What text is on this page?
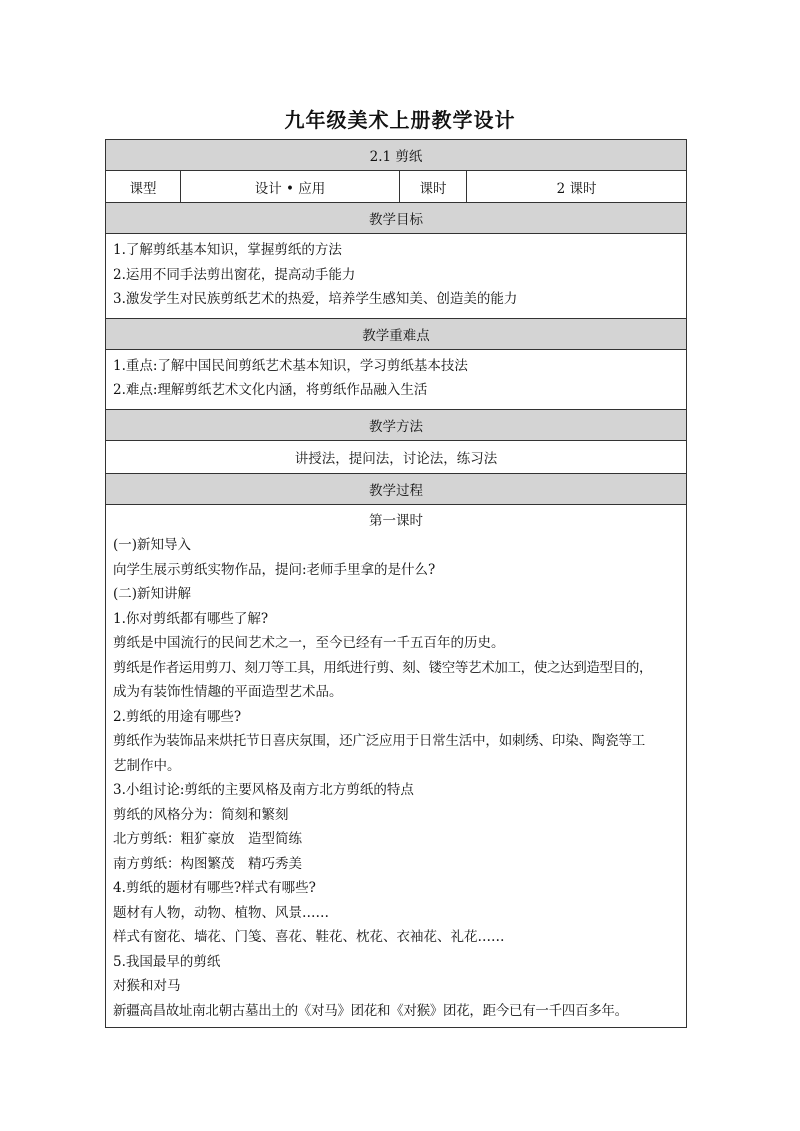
九年级美术上册教学设计
2.1 剪纸
课型	设计 • 应用	课时	2 课时
教学目标

1.了解剪纸基本知识，掌握剪纸的方法
2.运用不同手法剪出窗花，提高动手能力
3.激发学生对民族剪纸艺术的热爱，培养学生感知美、创造美的能力

教学重难点

1.重点:了解中国民间剪纸艺术基本知识，学习剪纸基本技法
2.难点:理解剪纸艺术文化内涵，将剪纸作品融入生活

教学方法
讲授法，提问法，讨论法，练习法
教学过程

第一课时
(一)新知导入
向学生展示剪纸实物作品，提问:老师手里拿的是什么?
(二)新知讲解
1.你对剪纸都有哪些了解?
剪纸是中国流行的民间艺术之一，至今已经有一千五百年的历史。
剪纸是作者运用剪刀、刻刀等工具，用纸进行剪、刻、镂空等艺术加工，使之达到造型目的，
成为有装饰性情趣的平面造型艺术品。
2.剪纸的用途有哪些?
剪纸作为装饰品来烘托节日喜庆氛围，还广泛应用于日常生活中，如刺绣、印染、陶瓷等工
艺制作中。
3.小组讨论:剪纸的主要风格及南方北方剪纸的特点
剪纸的风格分为：简刻和繁刻
北方剪纸：粗犷豪放　造型简练
南方剪纸：构图繁茂　精巧秀美
4.剪纸的题材有哪些?样式有哪些?
题材有人物，动物、植物、风景……
样式有窗花、墙花、门笺、喜花、鞋花、枕花、衣袖花、礼花……
5.我国最早的剪纸
对猴和对马
新疆高昌故址南北朝古墓出土的《对马》团花和《对猴》团花，距今已有一千四百多年。
